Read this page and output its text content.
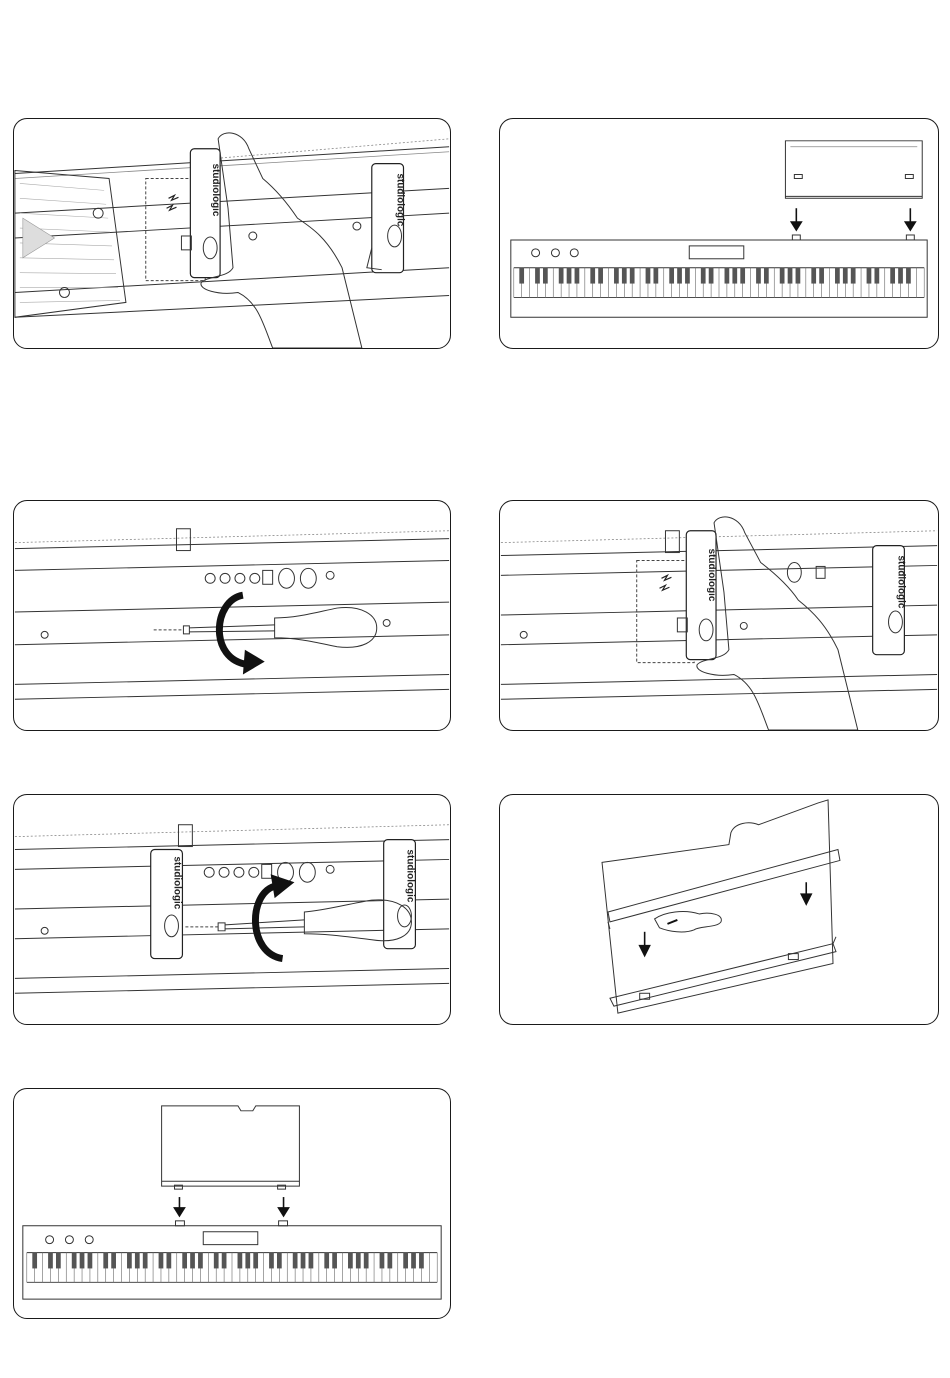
studiologic	studiologic
studiologic	studiologic
studiologic	studiologic
